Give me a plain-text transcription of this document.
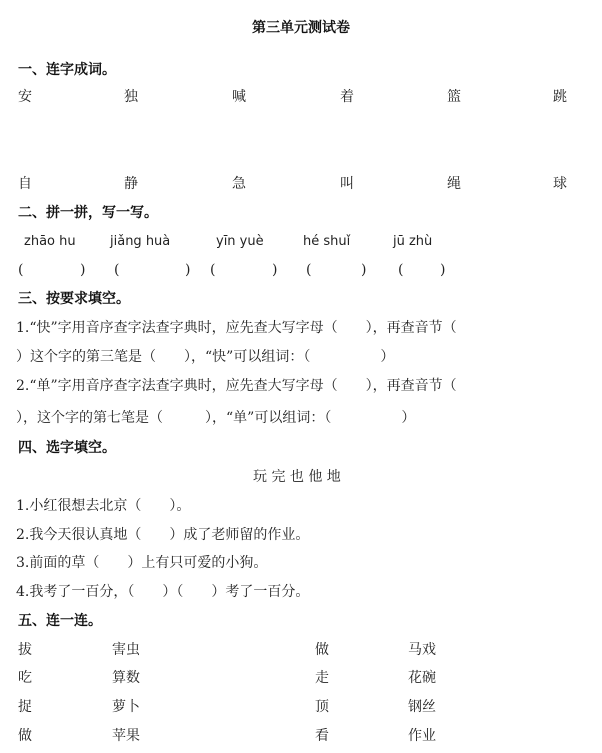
第三单元测试卷
一、连字成词。
二、拼一拼，写一写。
三、按要求填空。
1.“快”字用音序查字法查字典时，应先查大写字母（　　），再查音节（
）这个字的第三笔是（　　），“快”可以组词：（　　　　　）
2.“单”字用音序查字法查字典时，应先查大写字母（　　），再查音节（
），这个字的第七笔是（　　　），“单”可以组词：（　　　　　）
四、选字填空。
玩 完 也 他 地
1.小红很想去北京（　　）。
2.我今天很认真地（　　）成了老师留的作业。
3.前面的草（　　）上有只可爱的小狗。
4.我考了一百分，（　　）（　　）考了一百分。
五、连一连。
安	独	喊	着	篮	跳
自	静	急	叫	绳	球
zhāo hu	jiǎng huà	yīn yuè	hé shuǐ	jū zhù
(	) (	) (	) (	) (	)
拔	害虫	做	马戏
吃	算数	走	花碗
捉	萝卜	顶	钢丝
做	苹果	看	作业
